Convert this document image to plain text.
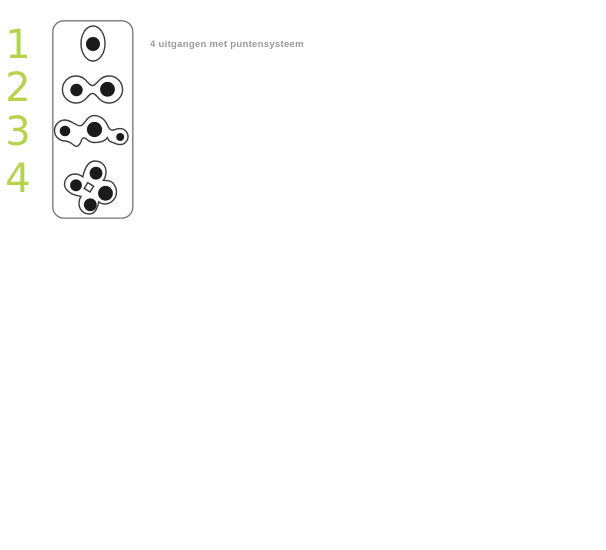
1
2
3
4
4 uitgangen met puntensysteem
